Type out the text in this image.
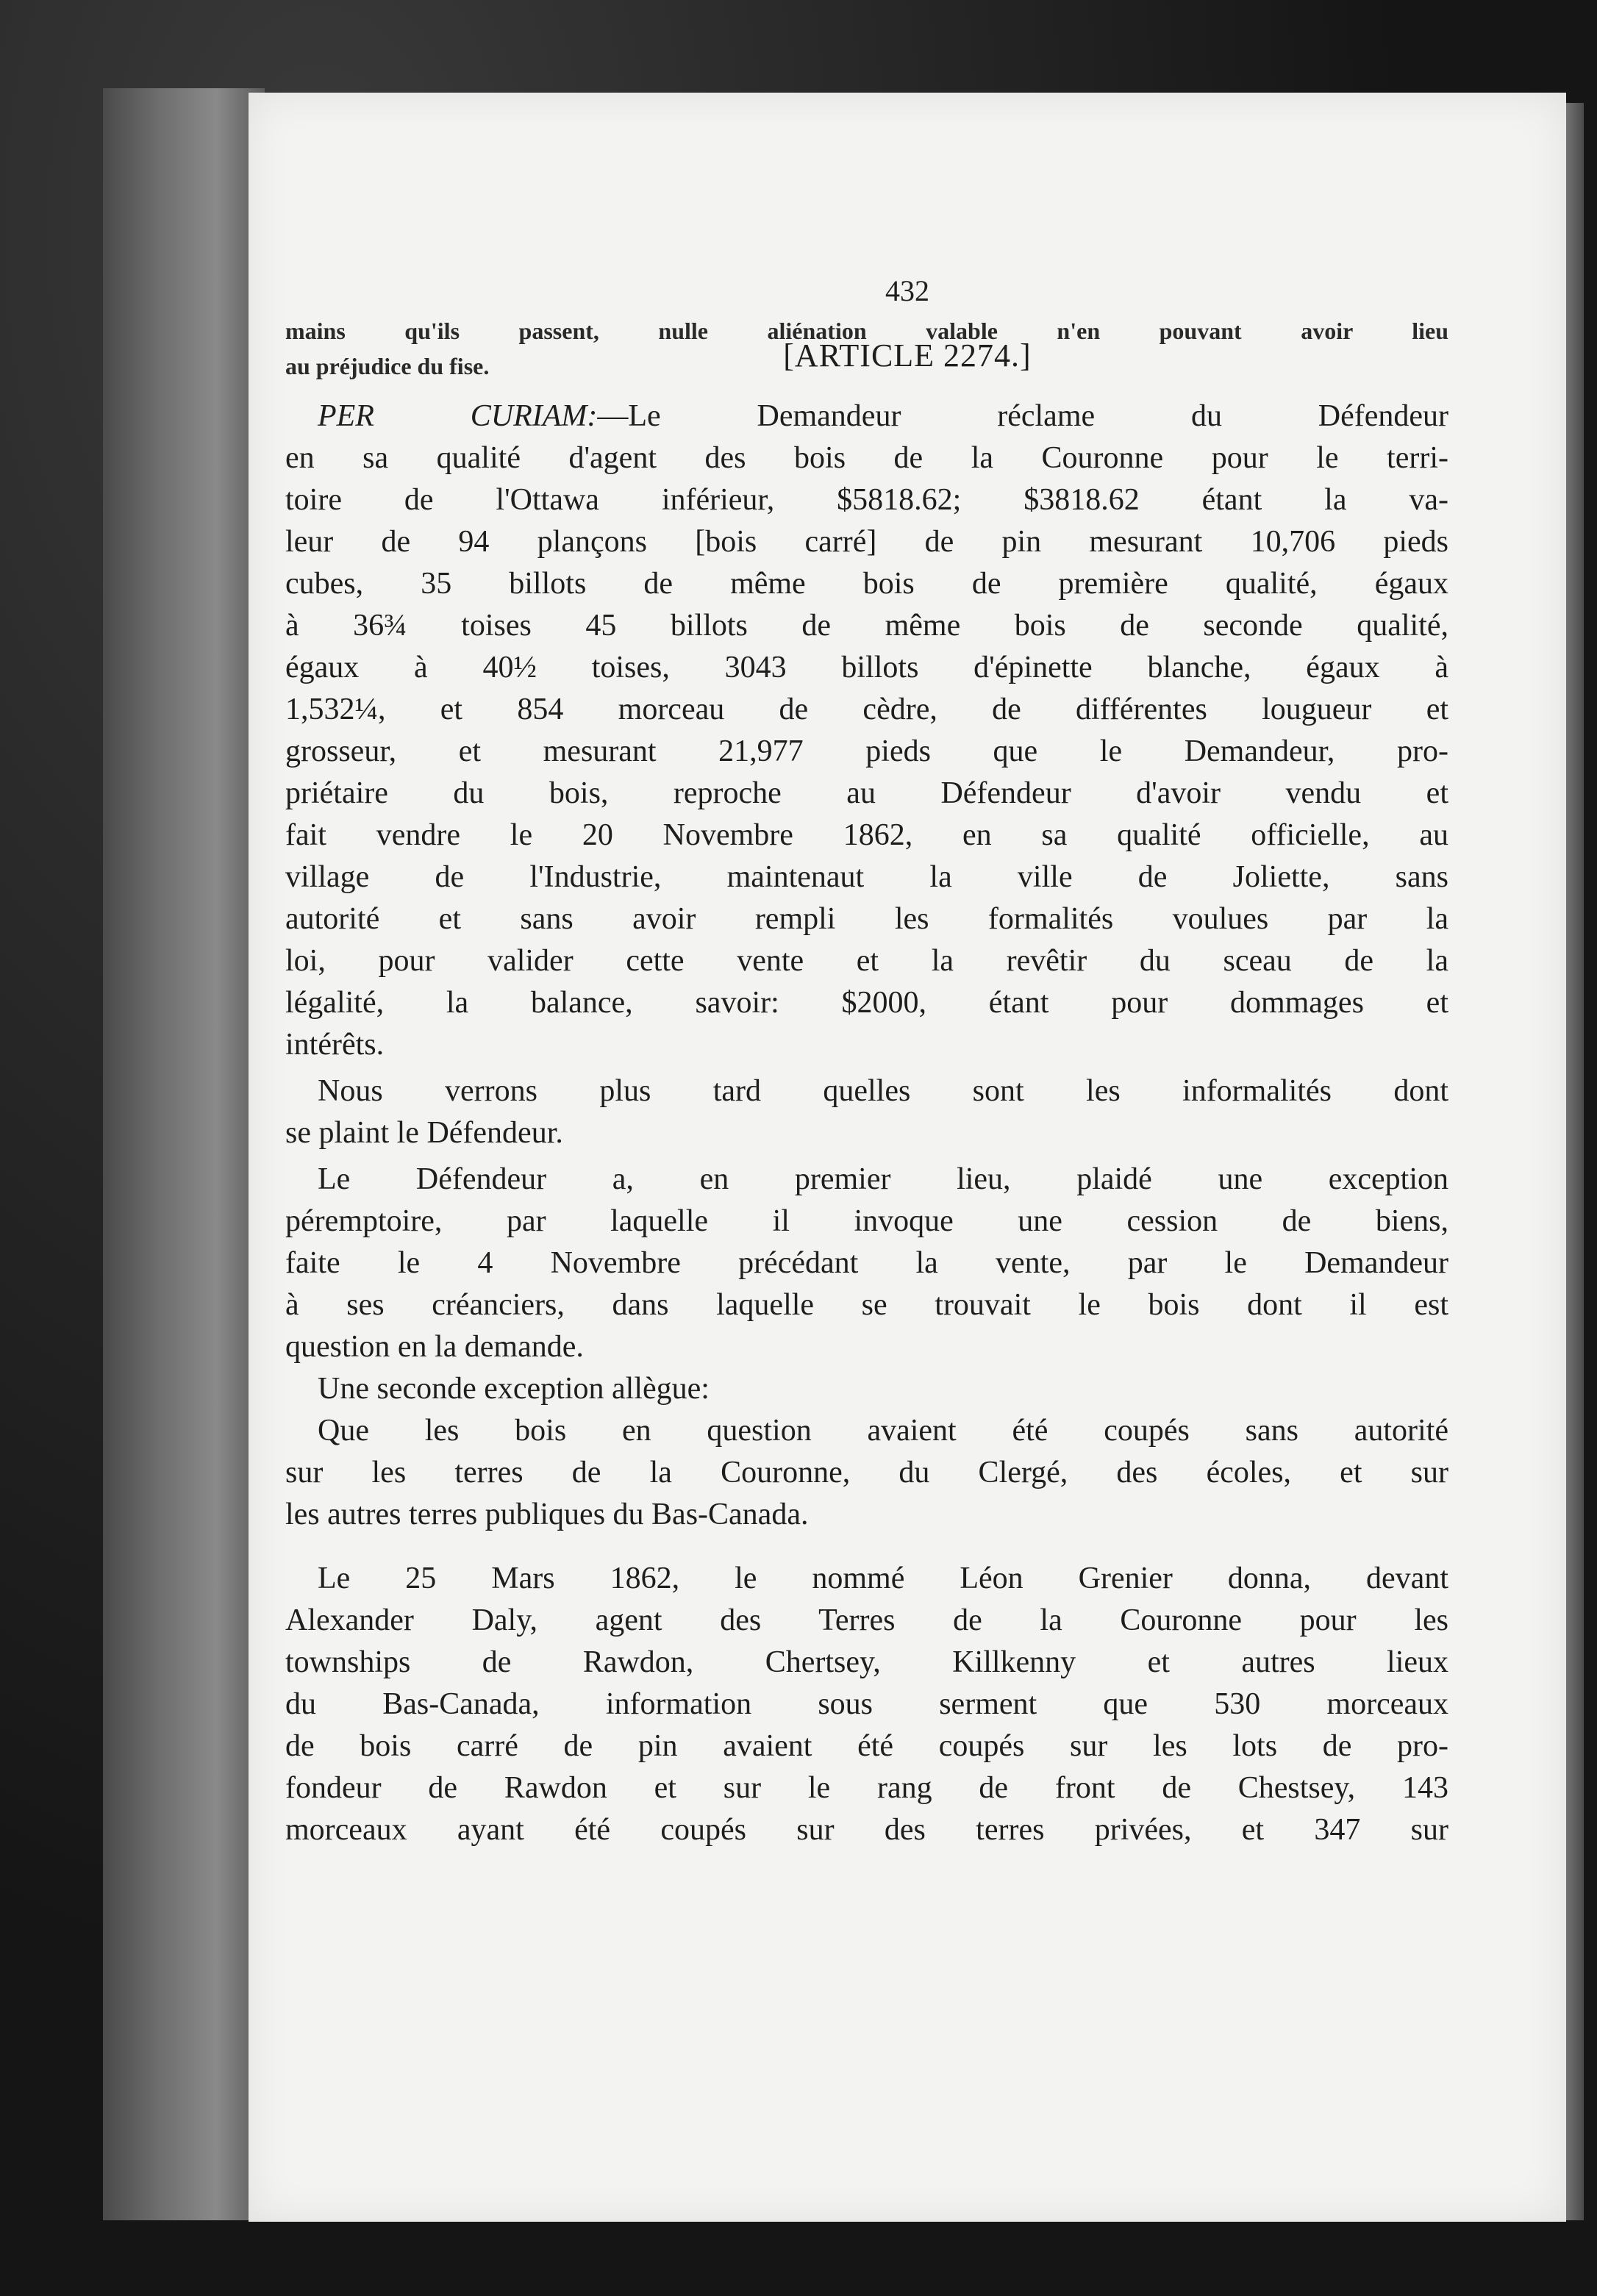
432
[ARTICLE 2274.]
mains qu'ils passent, nulle aliénation valable n'en pouvant avoir lieu
au préjudice du fise.
PER CURIAM:—Le Demandeur réclame du Défendeur
en sa qualité d'agent des bois de la Couronne pour le terri-
toire de l'Ottawa inférieur, $5818.62; $3818.62 étant la va-
leur de 94 plançons [bois carré] de pin mesurant 10,706 pieds
cubes, 35 billots de même bois de première qualité, égaux
à 36¾ toises 45 billots de même bois de seconde qualité,
égaux à 40½ toises, 3043 billots d'épinette blanche, égaux à
1,532¼, et 854 morceau de cèdre, de différentes lougueur et
grosseur, et mesurant 21,977 pieds que le Demandeur, pro-
priétaire du bois, reproche au Défendeur d'avoir vendu et
fait vendre le 20 Novembre 1862, en sa qualité officielle, au
village de l'Industrie, maintenaut la ville de Joliette, sans
autorité et sans avoir rempli les formalités voulues par la
loi, pour valider cette vente et la revêtir du sceau de la
légalité, la balance, savoir: $2000, étant pour dommages et
intérêts.
Nous verrons plus tard quelles sont les informalités dont
se plaint le Défendeur.
Le Défendeur a, en premier lieu, plaidé une exception
péremptoire, par laquelle il invoque une cession de biens,
faite le 4 Novembre précédant la vente, par le Demandeur
à ses créanciers, dans laquelle se trouvait le bois dont il est
question en la demande.
Une seconde exception allègue:
Que les bois en question avaient été coupés sans autorité
sur les terres de la Couronne, du Clergé, des écoles, et sur
les autres terres publiques du Bas-Canada.
Le 25 Mars 1862, le nommé Léon Grenier donna, devant
Alexander Daly, agent des Terres de la Couronne pour les
townships de Rawdon, Chertsey, Killkenny et autres lieux
du Bas-Canada, information sous serment que 530 morceaux
de bois carré de pin avaient été coupés sur les lots de pro-
fondeur de Rawdon et sur le rang de front de Chestsey, 143
morceaux ayant été coupés sur des terres privées, et 347 sur
